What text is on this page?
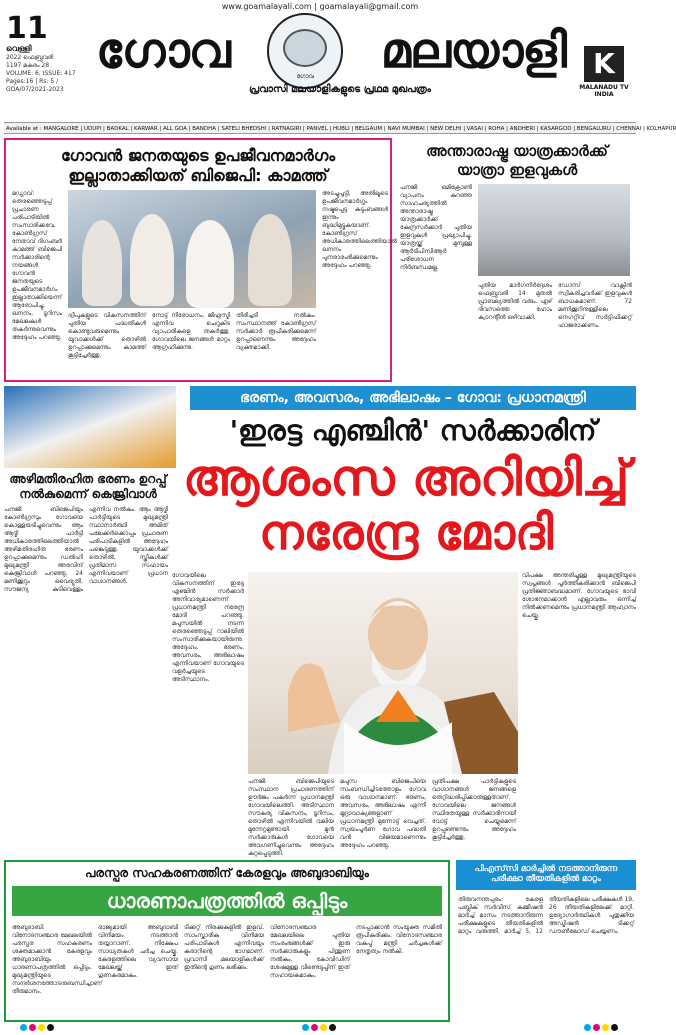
www.goamalayali.com | goamalayali@gmail.com
11
വെള്ളി
2022 ഫെബ്രുവരി
1197 മകരം 28
VOLUME: 6, ISSUE: 417
Pages:16 | Rs: 5 /
GOA/07/2021-2023
ഗോവ	ഗോവ മലയാളി
പ്രവാസി മലയാളികളുടെ പ്രഥമ മുഖപത്രം
K
MALANADU TV INDIA
Available at : MANGALORE | UDUPI | BADKAL | KARWAR | ALL GOA | BANDHA | SATELI BHEDSHI | RATNAGIRI | PANVEL | HUBLI | BELGAUM | NAVI MUMBAI | NEW DELHI | VASAI | ROHA | ANDHERI | KASARGOD | BENGALURU | CHENNAI | KOLHAPUR
ഗോവൻ ജനതയുടെ ഉപജീവനമാർഗം
ഇല്ലാതാക്കിയത് ബിജെപി: കാമത്ത്
മഡ്ഗാവ്: തെരഞ്ഞെടുപ്പ് പ്രചാരണ പരിപാടിയിൽ സംസാരിക്കവേ, കോൺഗ്രസ് നേതാവ് ദിഗംബർ കാമത്ത് ബിജെപി സർക്കാരിന്റെ നയങ്ങൾ ഗോവൻ ജനതയുടെ ഉപജീവനമാർഗം ഇല്ലാതാക്കിയെന്ന് ആരോപിച്ചു. ഖനനം, ടൂറിസം മേഖലകൾ തകർന്നുവെന്നും അദ്ദേഹം പറഞ്ഞു.
അടച്ചുപൂട്ടി, അതിലൂടെ ഉപജീവനമാർഗ്ഗം നഷ്ടപ്പെട്ട കുടുംബങ്ങൾ ഇന്നും ബുദ്ധിമുട്ടുകയാണ്. കോൺഗ്രസ് അധികാരത്തിലെത്തിയാൽ ഖനനം പുനരാരംഭിക്കുമെന്നും അദ്ദേഹം പറഞ്ഞു.
ദ്വീപുകളുടെ വികസനത്തിന് പുതിയ പദ്ധതികൾ കൊണ്ടുവരുമെന്നും യുവാക്കൾക്ക് തൊഴിൽ ഉറപ്പാക്കുമെന്നും കാമത്ത് കൂട്ടിച്ചേർത്തു.
നോട്ട് നിരോധനം, ജിഎസ്ടി എന്നിവ ചെറുകിട വ്യാപാരികളെ തകർത്തു. ഗോവയിലെ ജനങ്ങൾ മാറ്റം ആഗ്രഹിക്കുന്നു.
തിരിച്ചടി നൽകും. സംസ്ഥാനത്ത് കോൺഗ്രസ് സർക്കാർ രൂപീകരിക്കുമെന്ന് ഉറപ്പാണെന്നും അദ്ദേഹം വ്യക്തമാക്കി.
അന്താരാഷ്ട്ര യാത്രക്കാർക്ക്
യാത്രാ ഇളവുകൾ
പനജി: ഒമിക്രോൺ വ്യാപനം കുറഞ്ഞ സാഹചര്യത്തിൽ അന്താരാഷ്ട്ര യാത്രക്കാർക്ക് കേന്ദ്രസർക്കാർ പുതിയ ഇളവുകൾ പ്രഖ്യാപിച്ചു. യാത്രയ്ക്ക് മുമ്പുള്ള ആർടിപിസിആർ പരിശോധന നിർബന്ധമല്ല.
പുതിയ മാർഗനിർദ്ദേശം ഫെബ്രുവരി 14 മുതൽ പ്രാബല്യത്തിൽ വരും. ഏഴ് ദിവസത്തെ ഹോം ക്വാറന്റീൻ ഒഴിവാക്കി.
ഡോസ് വാക്സിൻ സ്വീകരിച്ചവർക്ക് ഇളവുകൾ ബാധകമാണ്. 72 മണിക്കൂറിനുള്ളിലെ നെഗറ്റീവ് സർട്ടിഫിക്കറ്റ് ഹാജരാക്കണം.
അഴിമതിരഹിത ഭരണം ഉറപ്പ്
നൽകുമെന്ന് കെജ്രിവാൾ
പനജി: ബിജെപിയും കോൺഗ്രസും ഗോവയെ കൊള്ളയടിച്ചുവെന്നും ആം ആദ്മി പാർട്ടി അധികാരത്തിലെത്തിയാൽ അഴിമതിരഹിത ഭരണം ഉറപ്പാക്കുമെന്നും ഡൽഹി മുഖ്യമന്ത്രി അരവിന്ദ് കെജ്രിവാൾ പറഞ്ഞു. 24 മണിക്കൂറും വൈദ്യുതി, സൗജന്യ കുടിവെള്ളം എന്നിവ നൽകും. ആം ആദ്മി പാർട്ടിയുടെ മുഖ്യമന്ത്രി സ്ഥാനാർത്ഥി അമിത് പലേക്കർക്കൊപ്പം പ്രചാരണ പരിപാടികളിൽ അദ്ദേഹം പങ്കെടുത്തു. യുവാക്കൾക്ക് തൊഴിൽ, സ്ത്രീകൾക്ക് പ്രതിമാസ സഹായം എന്നിവയാണ് പ്രധാന വാഗ്ദാനങ്ങൾ.
ഭരണം, അവസരം, അഭിലാഷം – ഗോവ: പ്രധാനമന്ത്രി
'ഇരട്ട എഞ്ചിൻ' സർക്കാരിന്
ആശംസ അറിയിച്ച്
നരേന്ദ്ര മോദി
ഗോവയിലെ വികസനത്തിന് ഇരട്ട എഞ്ചിൻ സർക്കാർ അനിവാര്യമാണെന്ന് പ്രധാനമന്ത്രി നരേന്ദ്ര മോദി പറഞ്ഞു. മപുസയിൽ നടന്ന തെരഞ്ഞെടുപ്പ് റാലിയിൽ സംസാരിക്കുകയായിരുന്നു അദ്ദേഹം. ഭരണം, അവസരം, അഭിലാഷം എന്നിവയാണ് ഗോവയുടെ വളർച്ചയുടെ അടിസ്ഥാനം.
വിപക്ഷ അന്തരിച്ചുള്ള മുഖ്യമന്ത്രിയുടെ സ്വപ്നങ്ങൾ പൂർത്തീകരിക്കാൻ ബിജെപി പ്രതിജ്ഞാബദ്ധമാണ്. ഗോവയുടെ ഭാവി ശോഭനമാക്കാൻ എല്ലാവരും ഒന്നിച്ച് നിൽക്കണമെന്നും പ്രധാനമന്ത്രി ആഹ്വാനം ചെയ്തു.
പനജി: ബിജെപിയുടെ സംസ്ഥാന പ്രചാരണത്തിന് ഊർജം പകർന്ന് പ്രധാനമന്ത്രി ഗോവയിലെത്തി. അടിസ്ഥാന സൗകര്യ വികസനം, ടൂറിസം, തൊഴിൽ എന്നിവയിൽ വലിയ മുന്നേറ്റമുണ്ടായി. മുൻ സർക്കാരുകൾ ഗോവയെ അവഗണിച്ചുവെന്നും അദ്ദേഹം കുറ്റപ്പെടുത്തി.
മപുസ ബിജെപിയെ സംബന്ധിച്ചിടത്തോളം ഗോവ ഒരു വാഗ്ദാനമാണ്. ഭരണം, അവസരം, അഭിലാഷം എന്നീ മുദ്രാവാക്യങ്ങളാണ് പ്രധാനമന്ത്രി മുന്നോട്ട് വെച്ചത്. സ്വയംപൂർണ ഗോവ പദ്ധതി വൻ വിജയമാണെന്നും അദ്ദേഹം പറഞ്ഞു.
പ്രതിപക്ഷ പാർട്ടികളുടെ വാഗ്ദാനങ്ങൾ ജനങ്ങളെ തെറ്റിദ്ധരിപ്പിക്കാനുള്ളതാണ്. ഗോവയിലെ ജനങ്ങൾ സ്ഥിരതയുള്ള സർക്കാരിനായി വോട്ട് ചെയ്യുമെന്ന് ഉറപ്പുണ്ടെന്നും അദ്ദേഹം കൂട്ടിച്ചേർത്തു.
പരസ്പര സഹകരണത്തിന് കേരളവും അബുദാബിയും
ധാരണാപത്രത്തിൽ ഒപ്പിടും
അബുദാബി: വിനോദസഞ്ചാര മേഖലയിൽ പരസ്പര സഹകരണം ശക്തമാക്കാൻ കേരളവും അബുദാബിയും ധാരണാപത്രത്തിൽ ഒപ്പിടും. മുഖ്യമന്ത്രിയുടെ സന്ദർശനത്തോടനുബന്ധിച്ചാണ് തീരുമാനം.
രാജ്യമായി അബുദാബി വിനിമയം നടത്താൻ തയ്യാറാണ്. നിക്ഷേപ സാധ്യതകൾ ചർച്ച ചെയ്തു. കേരളത്തിലെ വ്യവസായ മേഖലയ്ക്ക് ഇത് ഗുണകരമാകും.
ടിക്കറ്റ് നിരക്കുകളിൽ ഇളവ്, സാംസ്കാരിക വിനിമയ പരിപാടികൾ എന്നിവയും കരാറിന്റെ ഭാഗമാണ്. പ്രവാസി മലയാളികൾക്ക് ഇതിന്റെ ഗുണം ലഭിക്കും.
വിനോദസഞ്ചാര മേഖലയിലെ പുതിയ സംരംഭങ്ങൾക്ക് ഇരു സർക്കാരുകളും പിന്തുണ നൽകും. കോവിഡിന് ശേഷമുള്ള വീണ്ടെടുപ്പിന് ഇത് സഹായകമാകും.
നടപ്പാക്കാൻ സംയുക്ത സമിതി രൂപീകരിക്കും. വിനോദസഞ്ചാര വകുപ്പ് മന്ത്രി ചർച്ചകൾക്ക് നേതൃത്വം നൽകി.
പിഎസ്‌സി മാർച്ചിൽ നടത്താനിരുന്ന പരീക്ഷാ തീയതികളിൽ മാറ്റം
തിരുവനന്തപുരം: കേരള പബ്ലിക് സർവീസ് കമ്മീഷൻ മാർച്ച് മാസം നടത്താനിരുന്ന പരീക്ഷകളുടെ തീയതികളിൽ മാറ്റം വരുത്തി. മാർച്ച് 5, 12 തീയതികളിലെ പരീക്ഷകൾ 19, 26 തീയതികളിലേക്ക് മാറ്റി. ഉദ്യോഗാർത്ഥികൾ പുതുക്കിയ അഡ്മിഷൻ ടിക്കറ്റ് ഡൗൺലോഡ് ചെയ്യണം.
